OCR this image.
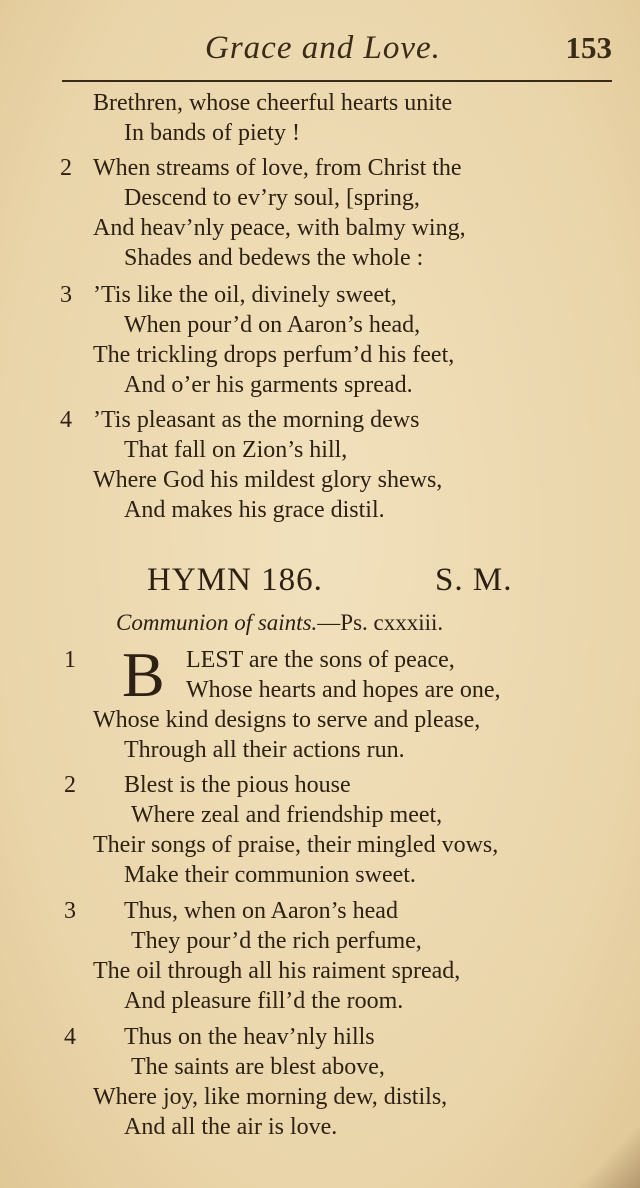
Grace and Love.	153
Brethren, whose cheerful hearts unite
In bands of piety !
2 When streams of love, from Christ the
Descend to ev’ry soul, [spring,
And heav’nly peace, with balmy wing,
Shades and bedews the whole :
3 ’Tis like the oil, divinely sweet,
When pour’d on Aaron’s head,
The trickling drops perfum’d his feet,
And o’er his garments spread.
4 ’Tis pleasant as the morning dews
That fall on Zion’s hill,
Where God his mildest glory shews,
And makes his grace distil.
HYMN 186.	S. M.
Communion of saints.—Ps. cxxxiii.
1	LEST are the sons of peace,
B Whose hearts and hopes are one,
Whose kind designs to serve and please,
Through all their actions run.
2 Blest is the pious house
Where zeal and friendship meet,
Their songs of praise, their mingled vows,
Make their communion sweet.
3 Thus, when on Aaron’s head
They pour’d the rich perfume,
The oil through all his raiment spread,
And pleasure fill’d the room.
4 Thus on the heav’nly hills
The saints are blest above,
Where joy, like morning dew, distils,
And all the air is love.
